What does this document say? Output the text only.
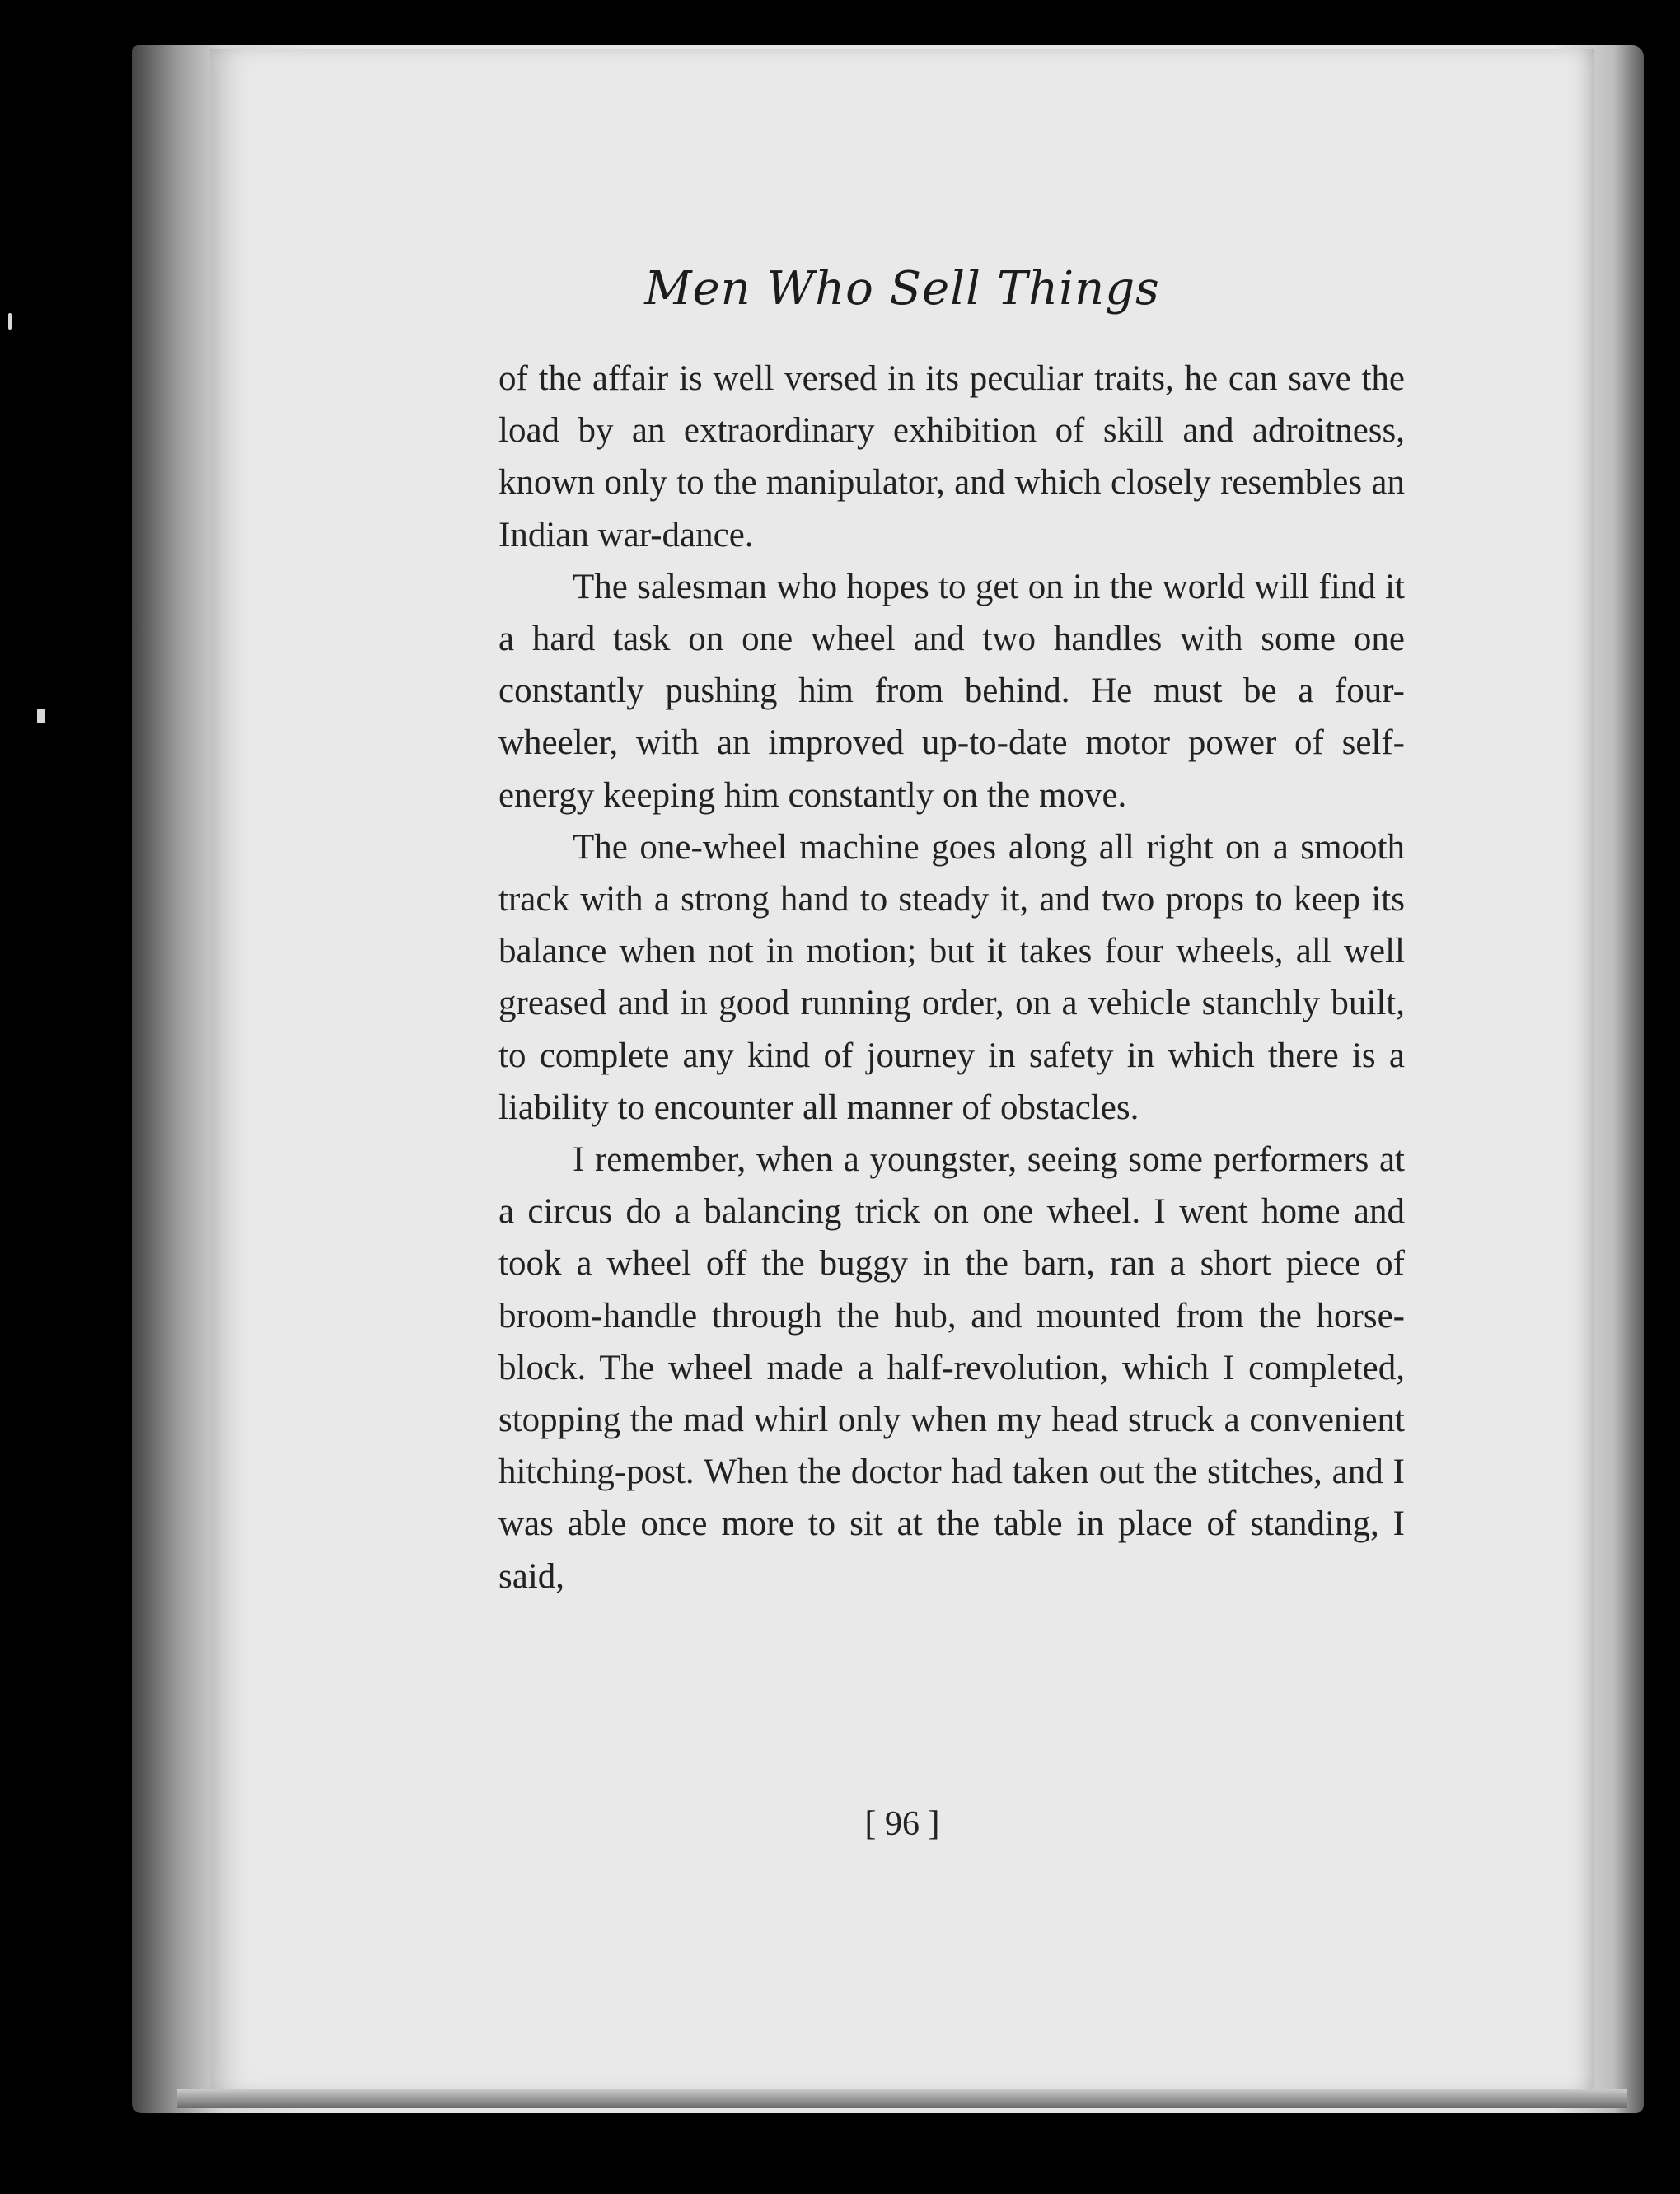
Men Who Sell Things

of the affair is well versed in its peculiar traits, he can save the load by an extraordinary exhibition of skill and adroitness, known only to the manipulator, and which closely resembles an Indian war-dance.

The salesman who hopes to get on in the world will find it a hard task on one wheel and two handles with some one constantly pushing him from behind. He must be a four-wheeler, with an improved up-to-date motor power of self-energy keeping him constantly on the move.

The one-wheel machine goes along all right on a smooth track with a strong hand to steady it, and two props to keep its balance when not in motion; but it takes four wheels, all well greased and in good running order, on a vehicle stanchly built, to complete any kind of journey in safety in which there is a liability to encounter all manner of obstacles.

I remember, when a youngster, seeing some performers at a circus do a balancing trick on one wheel. I went home and took a wheel off the buggy in the barn, ran a short piece of broom-handle through the hub, and mounted from the horse-block. The wheel made a half-revolution, which I completed, stopping the mad whirl only when my head struck a convenient hitching-post. When the doctor had taken out the stitches, and I was able once more to sit at the table in place of standing, I said,

[ 96 ]
